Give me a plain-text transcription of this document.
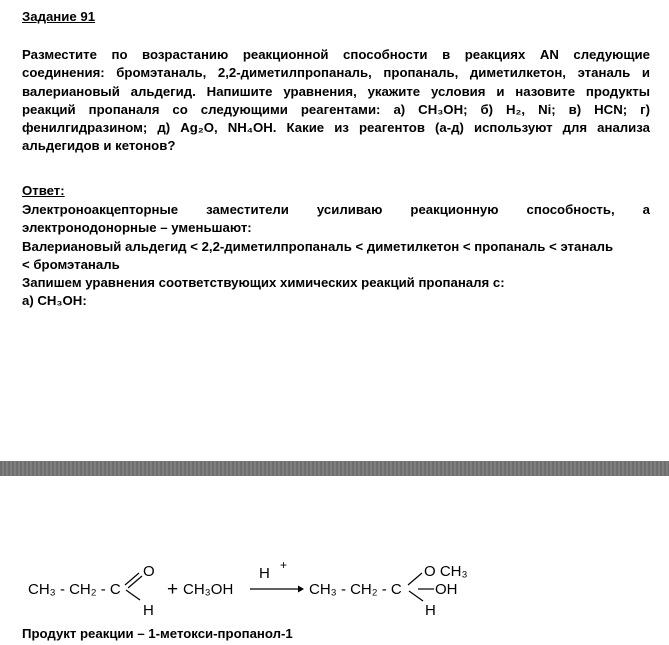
Задание 91
Разместите по возрастанию реакционной способности в реакциях AN следующие
соединения: бромэтаналь, 2,2-диметилпропаналь, пропаналь, диметилкетон, этаналь и
валериановый альдегид. Напишите уравнения, укажите условия и назовите продукты
реакций пропаналя со следующими реагентами: а) CH₃OH; б) H₂, Ni; в) HCN; г)
фенилгидразином; д) Ag₂O, NH₄OH. Какие из реагентов (а-д) используют для анализа
альдегидов и кетонов?
Ответ:
Электроноакцепторные заместители усиливаю реакционную способность, а
электронодонорные – уменьшают:
Валериановый альдегид < 2,2-диметилпропаналь < диметилкетон < пропаналь < этаналь
< бромэтаналь
Запишем уравнения соответствующих химических реакций пропаналя с:
а) CH₃OH:
CH₃ - CH₂ - C
O
H
+ CH₃OH
H +
CH₃ - CH₂ - C
O CH₃
OH
H
Продукт реакции – 1-метокси-пропанол-1
